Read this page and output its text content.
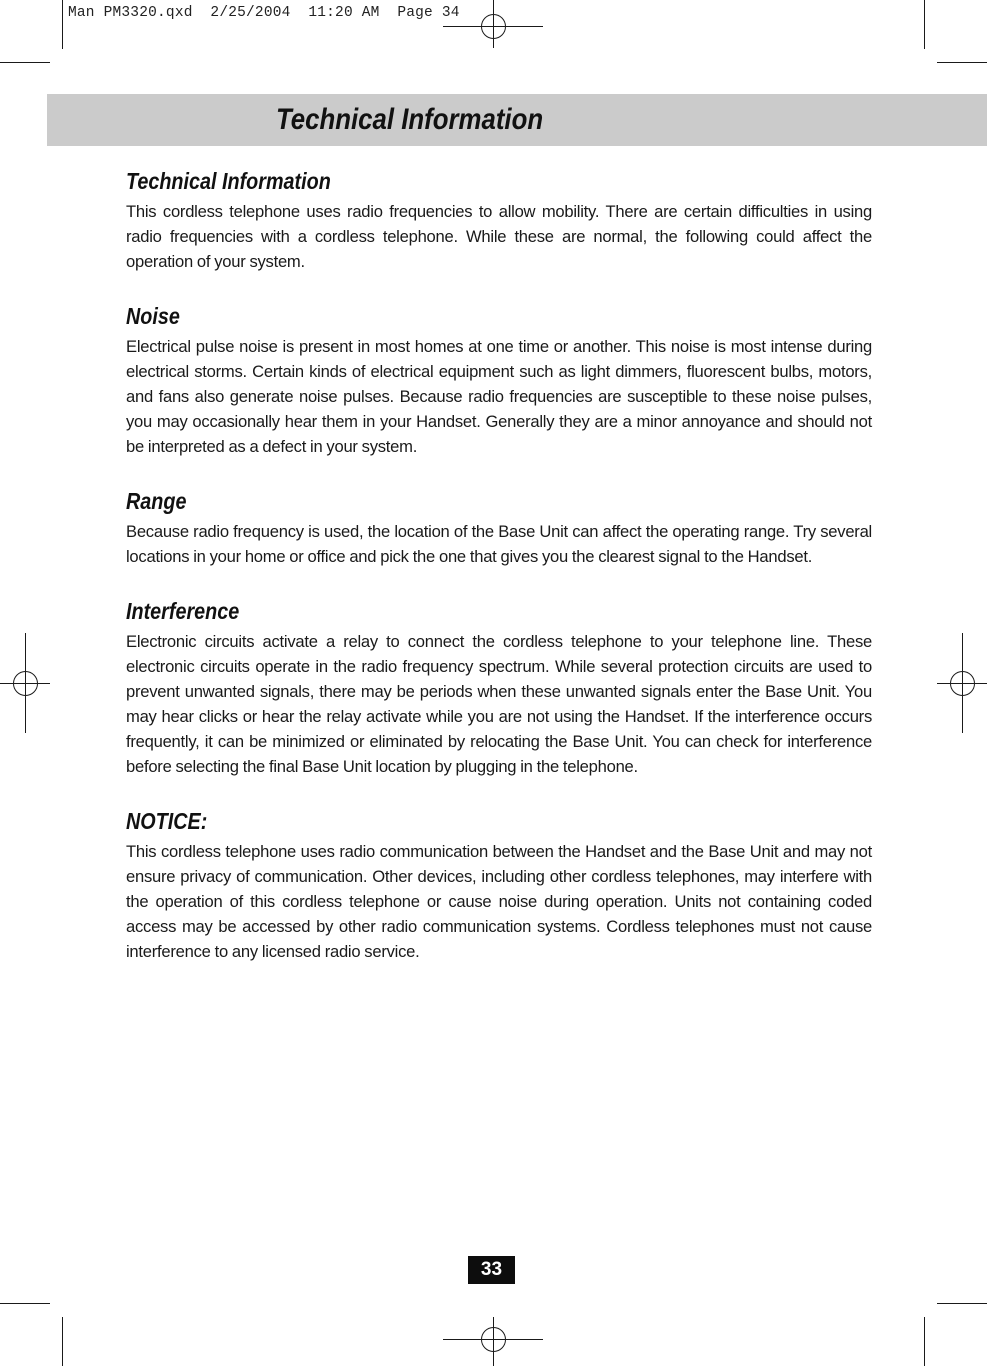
Man PM3320.qxd  2/25/2004  11:20 AM  Page 34

Technical Information
Technical Information

This cordless telephone uses radio frequencies to allow mobility. There are certain difficulties in using radio frequencies with a cordless telephone. While these are normal, the following could affect the operation of your system.

Noise

Electrical pulse noise is present in most homes at one time or another. This noise is most intense during electrical storms. Certain kinds of electrical equipment such as light dimmers, fluorescent bulbs, motors, and fans also generate noise pulses. Because radio frequencies are susceptible to these noise pulses, you may occasionally hear them in your Handset. Generally they are a minor annoyance and should not be interpreted as a defect in your system.

Range

Because radio frequency is used, the location of the Base Unit can affect the operating range. Try several locations in your home or office and pick the one that gives you the clearest signal to the Handset.

Interference

Electronic circuits activate a relay to connect the cordless telephone to your telephone line. These electronic circuits operate in the radio frequency spectrum. While several protection circuits are used to prevent unwanted signals, there may be periods when these unwanted signals enter the Base Unit. You may hear clicks or hear the relay activate while you are not using the Handset. If the interference occurs frequently, it can be minimized or eliminated by relocating the Base Unit. You can check for interference before selecting the final Base Unit location by plugging in the telephone.

NOTICE:

This cordless telephone uses radio communication between the Handset and the Base Unit and may not ensure privacy of communication. Other devices, including other cordless telephones, may interfere with the operation of this cordless telephone or cause noise during operation. Units not containing coded access may be accessed by other radio communication systems. Cordless telephones must not cause interference to any licensed radio service.

33
